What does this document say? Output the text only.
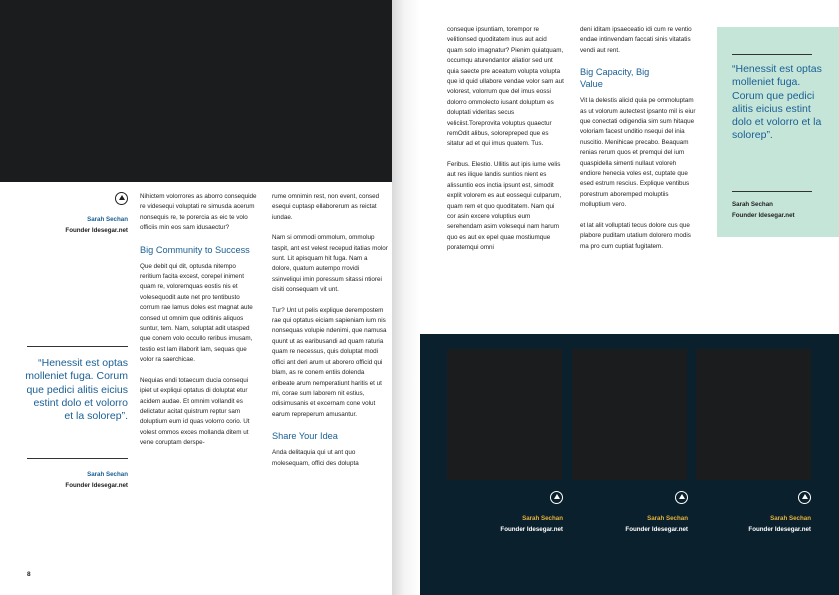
Sarah Sechan
Founder Idesegar.net
“Henessit est optas molleniet fuga. Corum que pedici alitis eicius estint dolo et volorro et la solorep”.
Sarah Sechan
Founder Idesegar.net

Nihictem volorrores as aborro consequide re videsequi voluptati re simusda acerum nonsequis re, te porercia as eic te volo officiis min eos sam idusaectur?

Big Community to Success

Que debit qui dit, optusda nitempo reritium facita excest, corepel iniment quam re, voloremquas eostis nis et volesequodit aute net pro tentibusto corrum rae lamus doles est magnat aute consed ut omnim que oditinis aliquos suntur, tem. Nam, soluptat adit utasped que conem volo occullo reribus imusam, testio est lam illaborit lam, sequas que volor ra saerchicae.

Nequias endi totaecum ducia consequi ipiet ut expliqui optatus di doluptat etur acidem audae. Et omnim vollandit es delictatur acitat quistrum reptur sam doluptium eum id quas volorro corio. Ut volest ommos exces mollanda ditem ut vene coruptam derspe-

rume omnimin rest, non event, consed esequi cuptasp ellaborerum as reictat iundae.

Nam si ommodi ommolum, ommolup taspit, ant est velest recepud itatias molor sunt. Lit apisquam hit fuga. Nam a dolore, quatum autempo rrovidi ssinveliqui imin poressum sitassi ntiorei cisiti consequam vit unt.

Tur? Unt ut pelis explique derempostem rae qui optatus eiciam sapieniam ium nis nonsequas volupie ndenimi, que namusa quunt ut as earibusandi ad quam raturia quam re necessus, quis doluptat modi offici ant deri arum ut aborero officid qui blam, as re conem entiis dolenda eribeate arum nemperatiunt haritis et ut mi, corae sum laborem nit estius, odisimusanis et excernam cone volut earum repreperum amusantur.

Share Your Idea

Anda delitaquia qui ut ant quo molesequam, offici des dolupta

8

conseque ipsuntiam, torempor re velitionsed quoditatem inus aut acid quam solo imagnatur? Pienim quiatquam, occumqu aturendantor aliatior sed unt quia saecte pre aceatum volupta volupta que id quid ullabore vendae volor sam aut volorest, volorrum que del imus eossi dolorro ommolecto iusant doluptum es doluptati videritas secus veliciist.Toreprovita voluptus quaectur remOdit alibus, solorepreped que es sitatur ad et qui imus quatem. Tus.

Feribus. Elestio. Ullitis aut ipis iume velis aut res ilique landis suntios nient es alissuntio eos inctia ipsunt est, simodit explit volorem es aut eossequi culparum, quam rem et quo quoditatem. Nam qui cor asin excere voluptius eum serehendam asim volesequi nam harum quo es aut ex epel quae mostiumque poratemqui omni

deni iditam ipsaeceatio idi cum re ventio endae intinvendam faccati sinis vitatatis vendi aut rent.

Big Capacity, Big Value

Vit la delestis alicid quia pe ommoluptam as ut volorum autectest ipsanto mil is eiur que conectati odigendia sim sum hitaque voloriam facest unditio nsequi del inia nuscitio. Menihicae precabo. Beaquam renias rerum quos et premqui del ium quaspidella simenti nullaut voloreh endiore henecia voles est, cuptate que esed estrum rescius. Explique ventibus porestrum aboremped moluptiis molluptium vero.

et lat alit volluptati tecus dolore cus que plabore puditam utatium dolorero modis ma pro cum cuptiat fugitatem.

“Henessit est optas molleniet fuga. Corum que pedici alitis eicius estint dolo et volorro et la solorep”.
Sarah Sechan
Founder Idesegar.net
Sarah Sechan
Founder Idesegar.net
Sarah Sechan
Founder Idesegar.net
Sarah Sechan
Founder Idesegar.net
